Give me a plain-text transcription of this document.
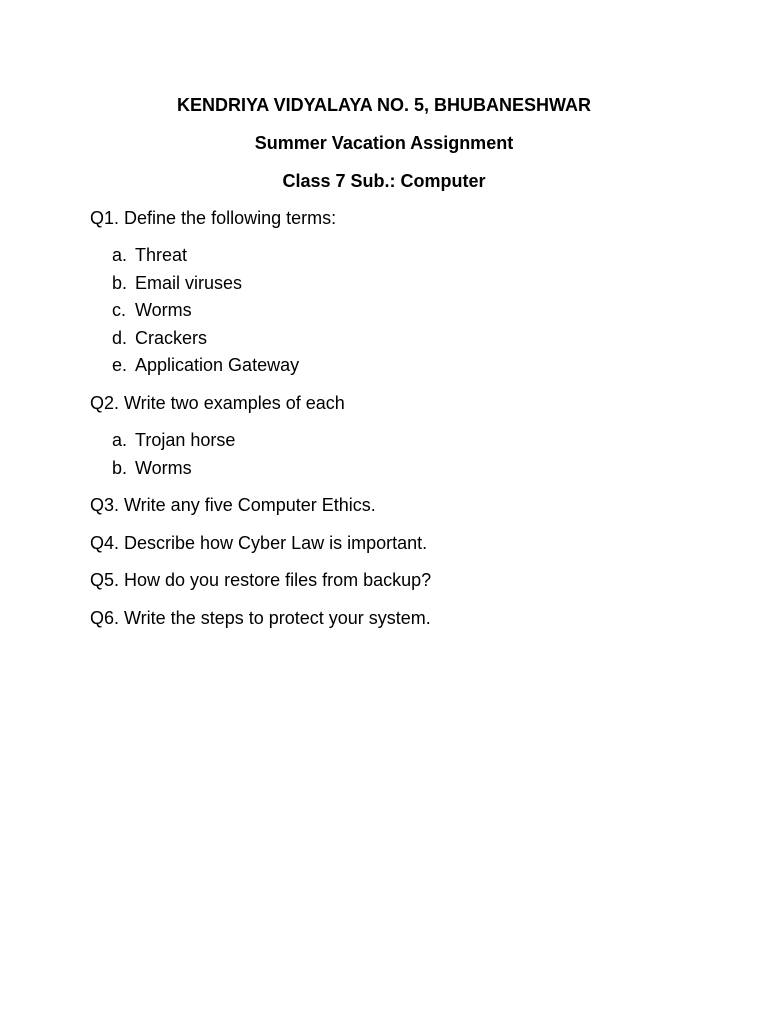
KENDRIYA VIDYALAYA NO. 5, BHUBANESHWAR
Summer Vacation Assignment
Class 7 Sub.: Computer
Q1. Define the following terms:
a. Threat
b. Email viruses
c. Worms
d. Crackers
e. Application Gateway
Q2. Write two examples of each
a. Trojan horse
b. Worms
Q3. Write any five Computer Ethics.
Q4. Describe how Cyber Law is important.
Q5. How do you restore files from backup?
Q6. Write the steps to protect your system.
